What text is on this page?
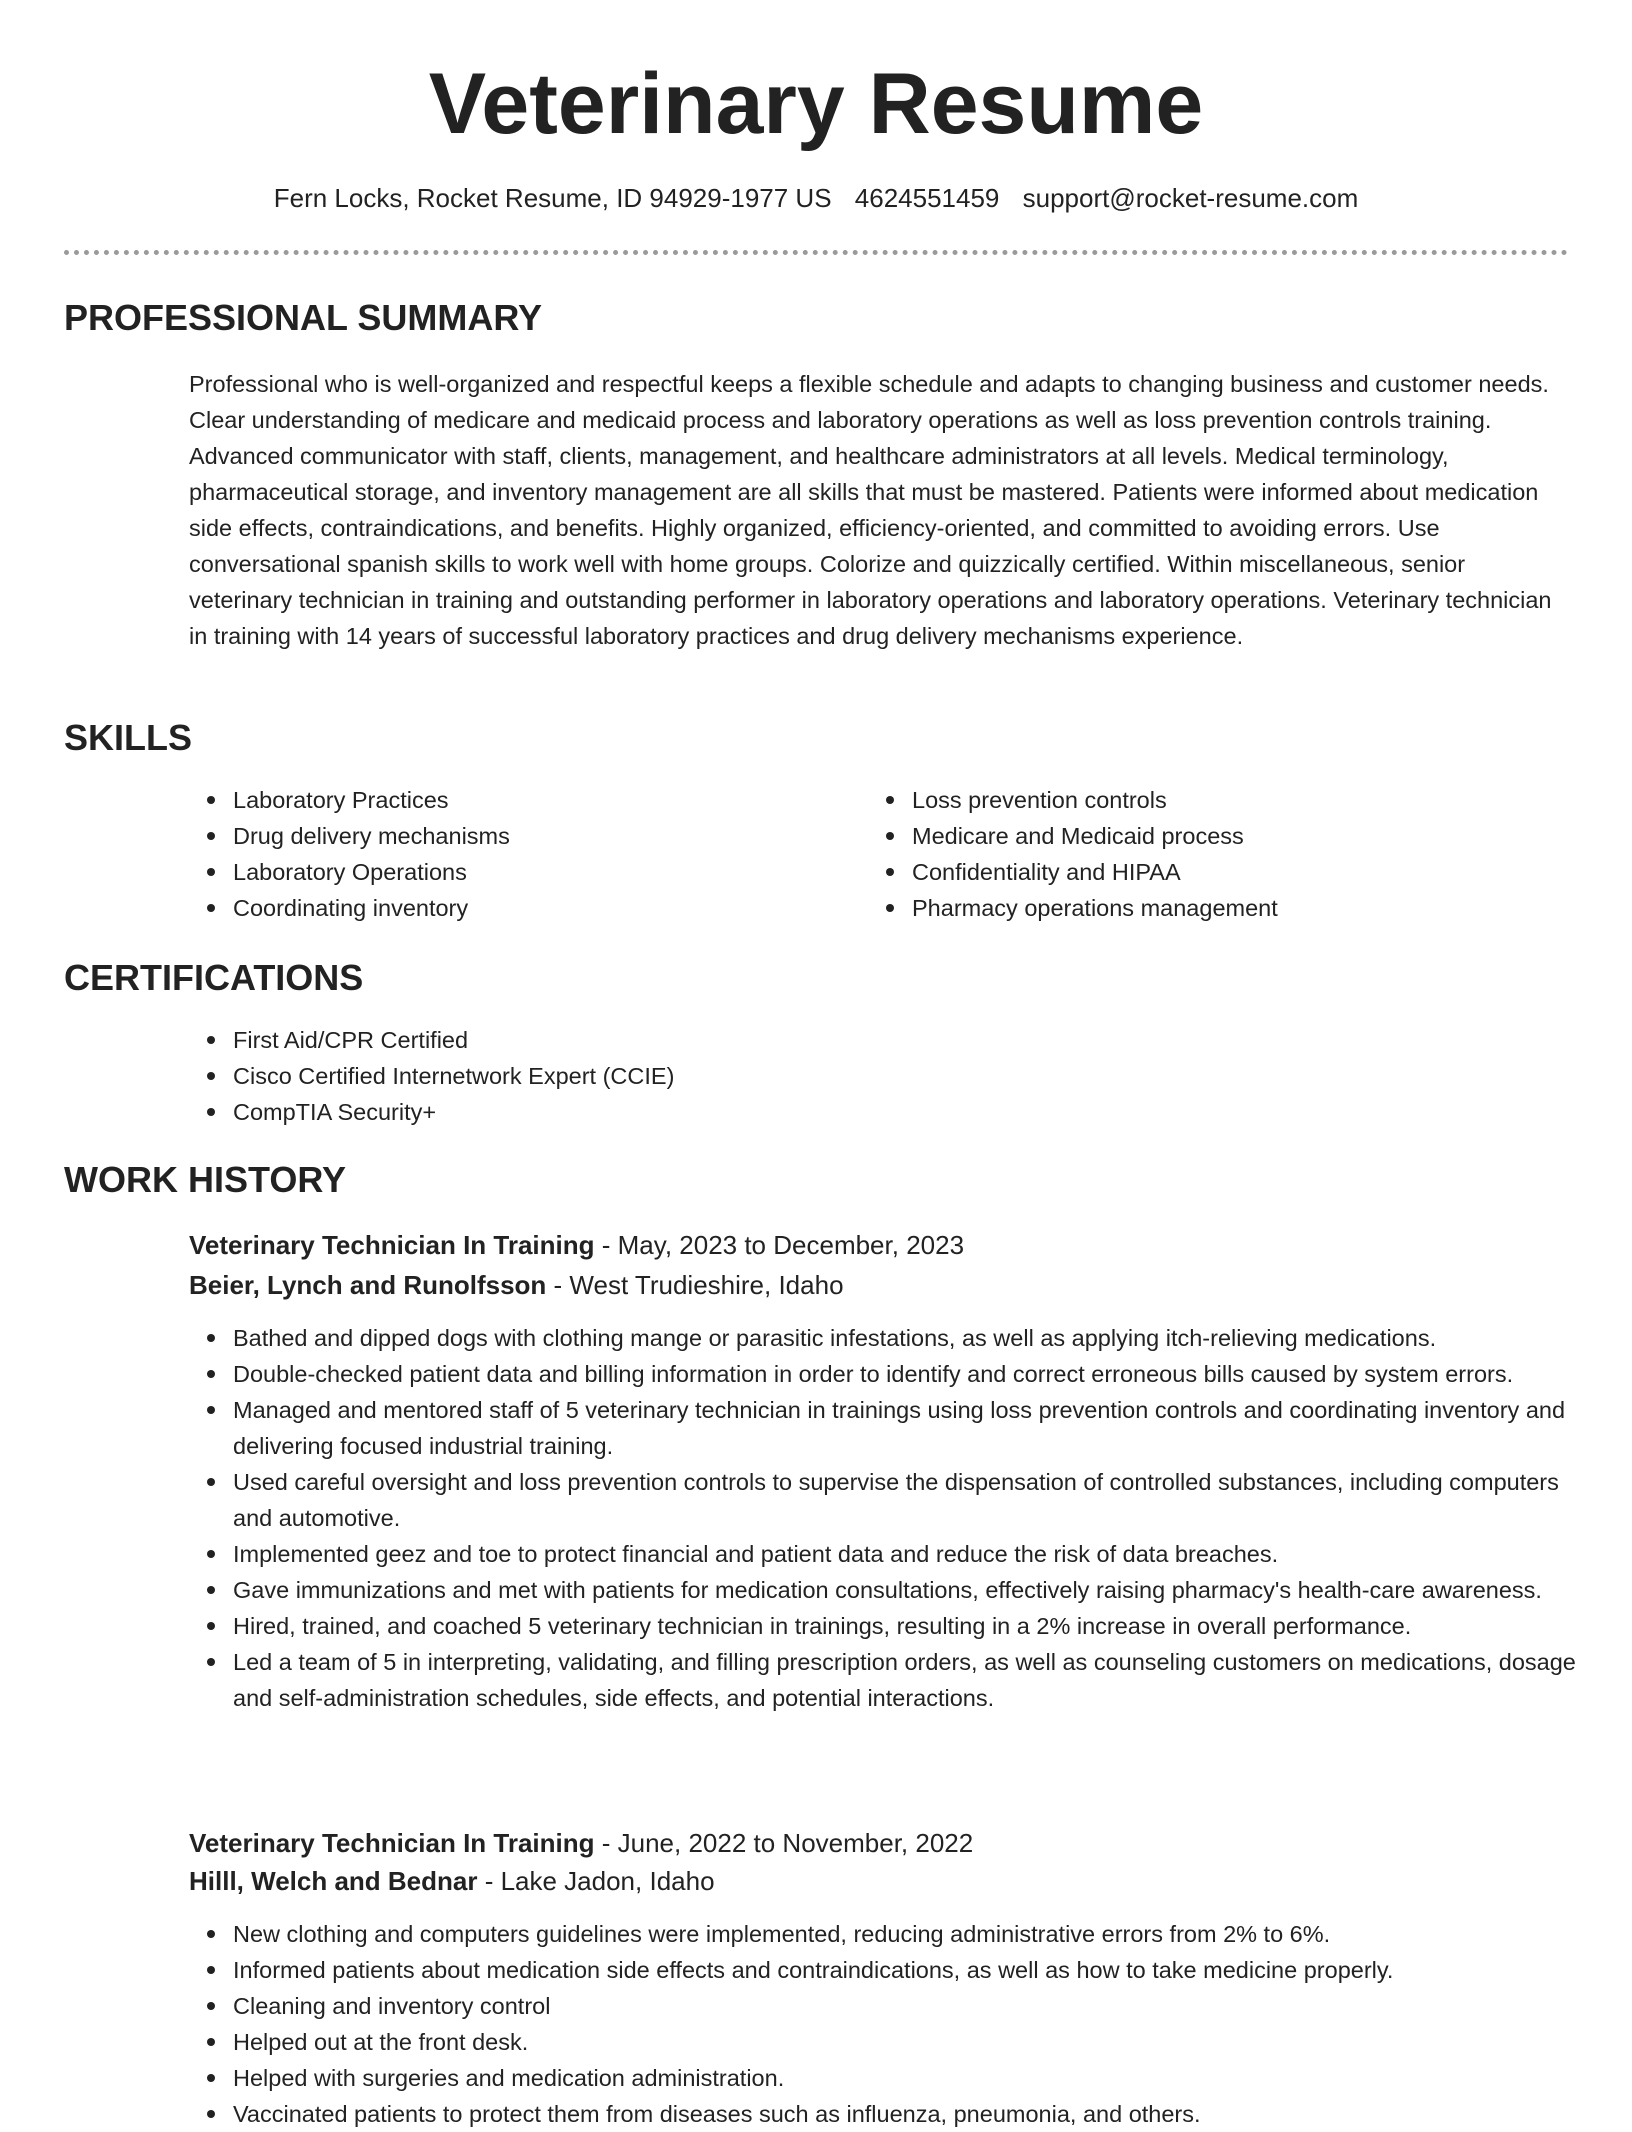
Veterinary Resume
Fern Locks, Rocket Resume, ID 94929-1977 US 4624551459 support@rocket-resume.com
PROFESSIONAL SUMMARY

Professional who is well-organized and respectful keeps a flexible schedule and adapts to changing business and customer needs. Clear understanding of medicare and medicaid process and laboratory operations as well as loss prevention controls training. Advanced communicator with staff, clients, management, and healthcare administrators at all levels. Medical terminology, pharmaceutical storage, and inventory management are all skills that must be mastered. Patients were informed about medication side effects, contraindications, and benefits. Highly organized, efficiency-oriented, and committed to avoiding errors. Use conversational spanish skills to work well with home groups. Colorize and quizzically certified. Within miscellaneous, senior veterinary technician in training and outstanding performer in laboratory operations and laboratory operations. Veterinary technician in training with 14 years of successful laboratory practices and drug delivery mechanisms experience.

SKILLS
Laboratory Practices
Drug delivery mechanisms
Laboratory Operations
Coordinating inventory
Loss prevention controls
Medicare and Medicaid process
Confidentiality and HIPAA
Pharmacy operations management
CERTIFICATIONS
First Aid/CPR Certified
Cisco Certified Internetwork Expert (CCIE)
CompTIA Security+
WORK HISTORY
Veterinary Technician In Training - May, 2023 to December, 2023
Beier, Lynch and Runolfsson - West Trudieshire, Idaho
Bathed and dipped dogs with clothing mange or parasitic infestations, as well as applying itch-relieving medications.
Double-checked patient data and billing information in order to identify and correct erroneous bills caused by system errors.
Managed and mentored staff of 5 veterinary technician in trainings using loss prevention controls and coordinating inventory and delivering focused industrial training.
Used careful oversight and loss prevention controls to supervise the dispensation of controlled substances, including computers and automotive.
Implemented geez and toe to protect financial and patient data and reduce the risk of data breaches.
Gave immunizations and met with patients for medication consultations, effectively raising pharmacy's health-care awareness.
Hired, trained, and coached 5 veterinary technician in trainings, resulting in a 2% increase in overall performance.
Led a team of 5 in interpreting, validating, and filling prescription orders, as well as counseling customers on medications, dosage and self-administration schedules, side effects, and potential interactions.
Veterinary Technician In Training - June, 2022 to November, 2022
Hilll, Welch and Bednar - Lake Jadon, Idaho
New clothing and computers guidelines were implemented, reducing administrative errors from 2% to 6%.
Informed patients about medication side effects and contraindications, as well as how to take medicine properly.
Cleaning and inventory control
Helped out at the front desk.
Helped with surgeries and medication administration.
Vaccinated patients to protect them from diseases such as influenza, pneumonia, and others.
